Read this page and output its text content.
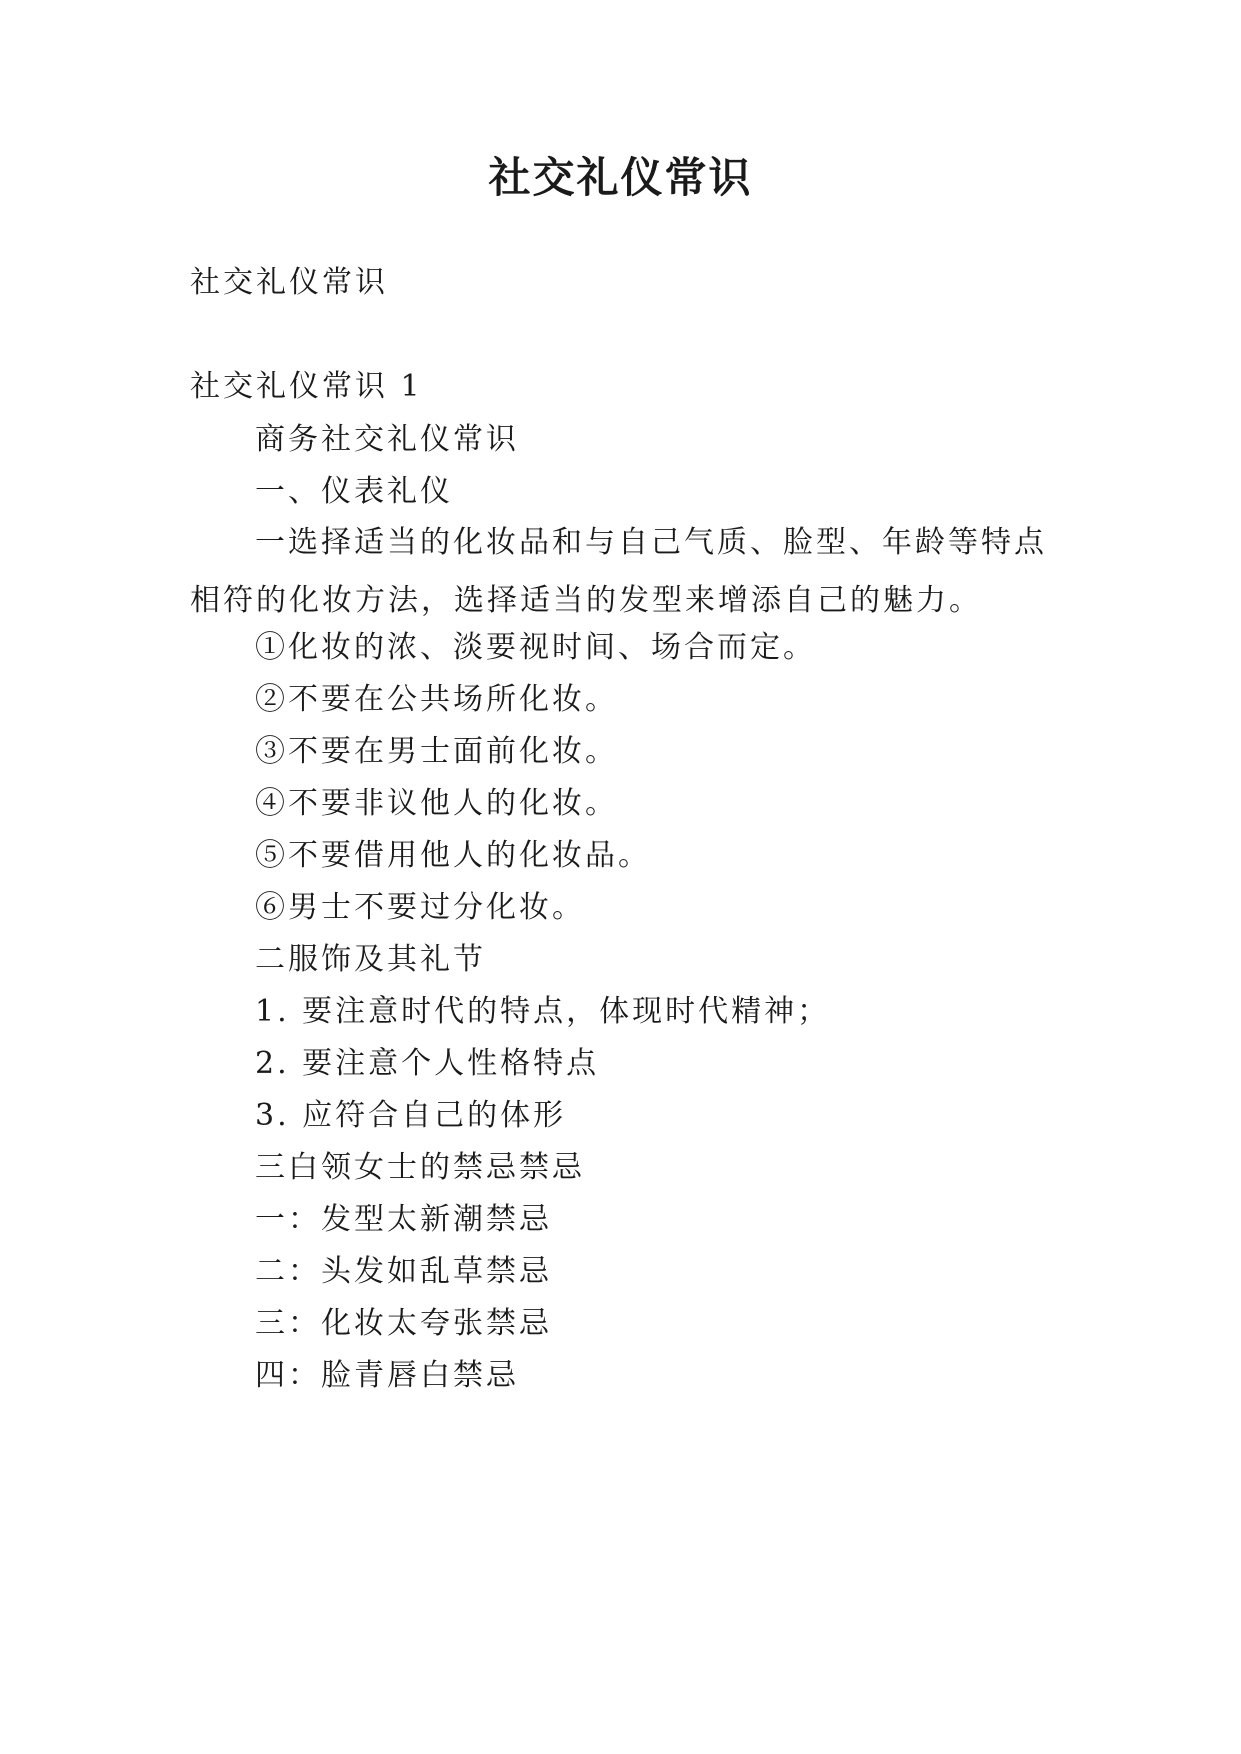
社交礼仪常识
社交礼仪常识
社交礼仪常识 1
商务社交礼仪常识
一、仪表礼仪
一选择适当的化妆品和与自己气质、脸型、年龄等特点相符的化妆方法，选择适当的发型来增添自己的魅力。
①化妆的浓、淡要视时间、场合而定。
②不要在公共场所化妆。
③不要在男士面前化妆。
④不要非议他人的化妆。
⑤不要借用他人的化妆品。
⑥男士不要过分化妆。
二服饰及其礼节
1. 要注意时代的特点，体现时代精神；
2. 要注意个人性格特点
3. 应符合自己的体形
三白领女士的禁忌禁忌
一：发型太新潮禁忌
二：头发如乱草禁忌
三：化妆太夸张禁忌
四：脸青唇白禁忌
